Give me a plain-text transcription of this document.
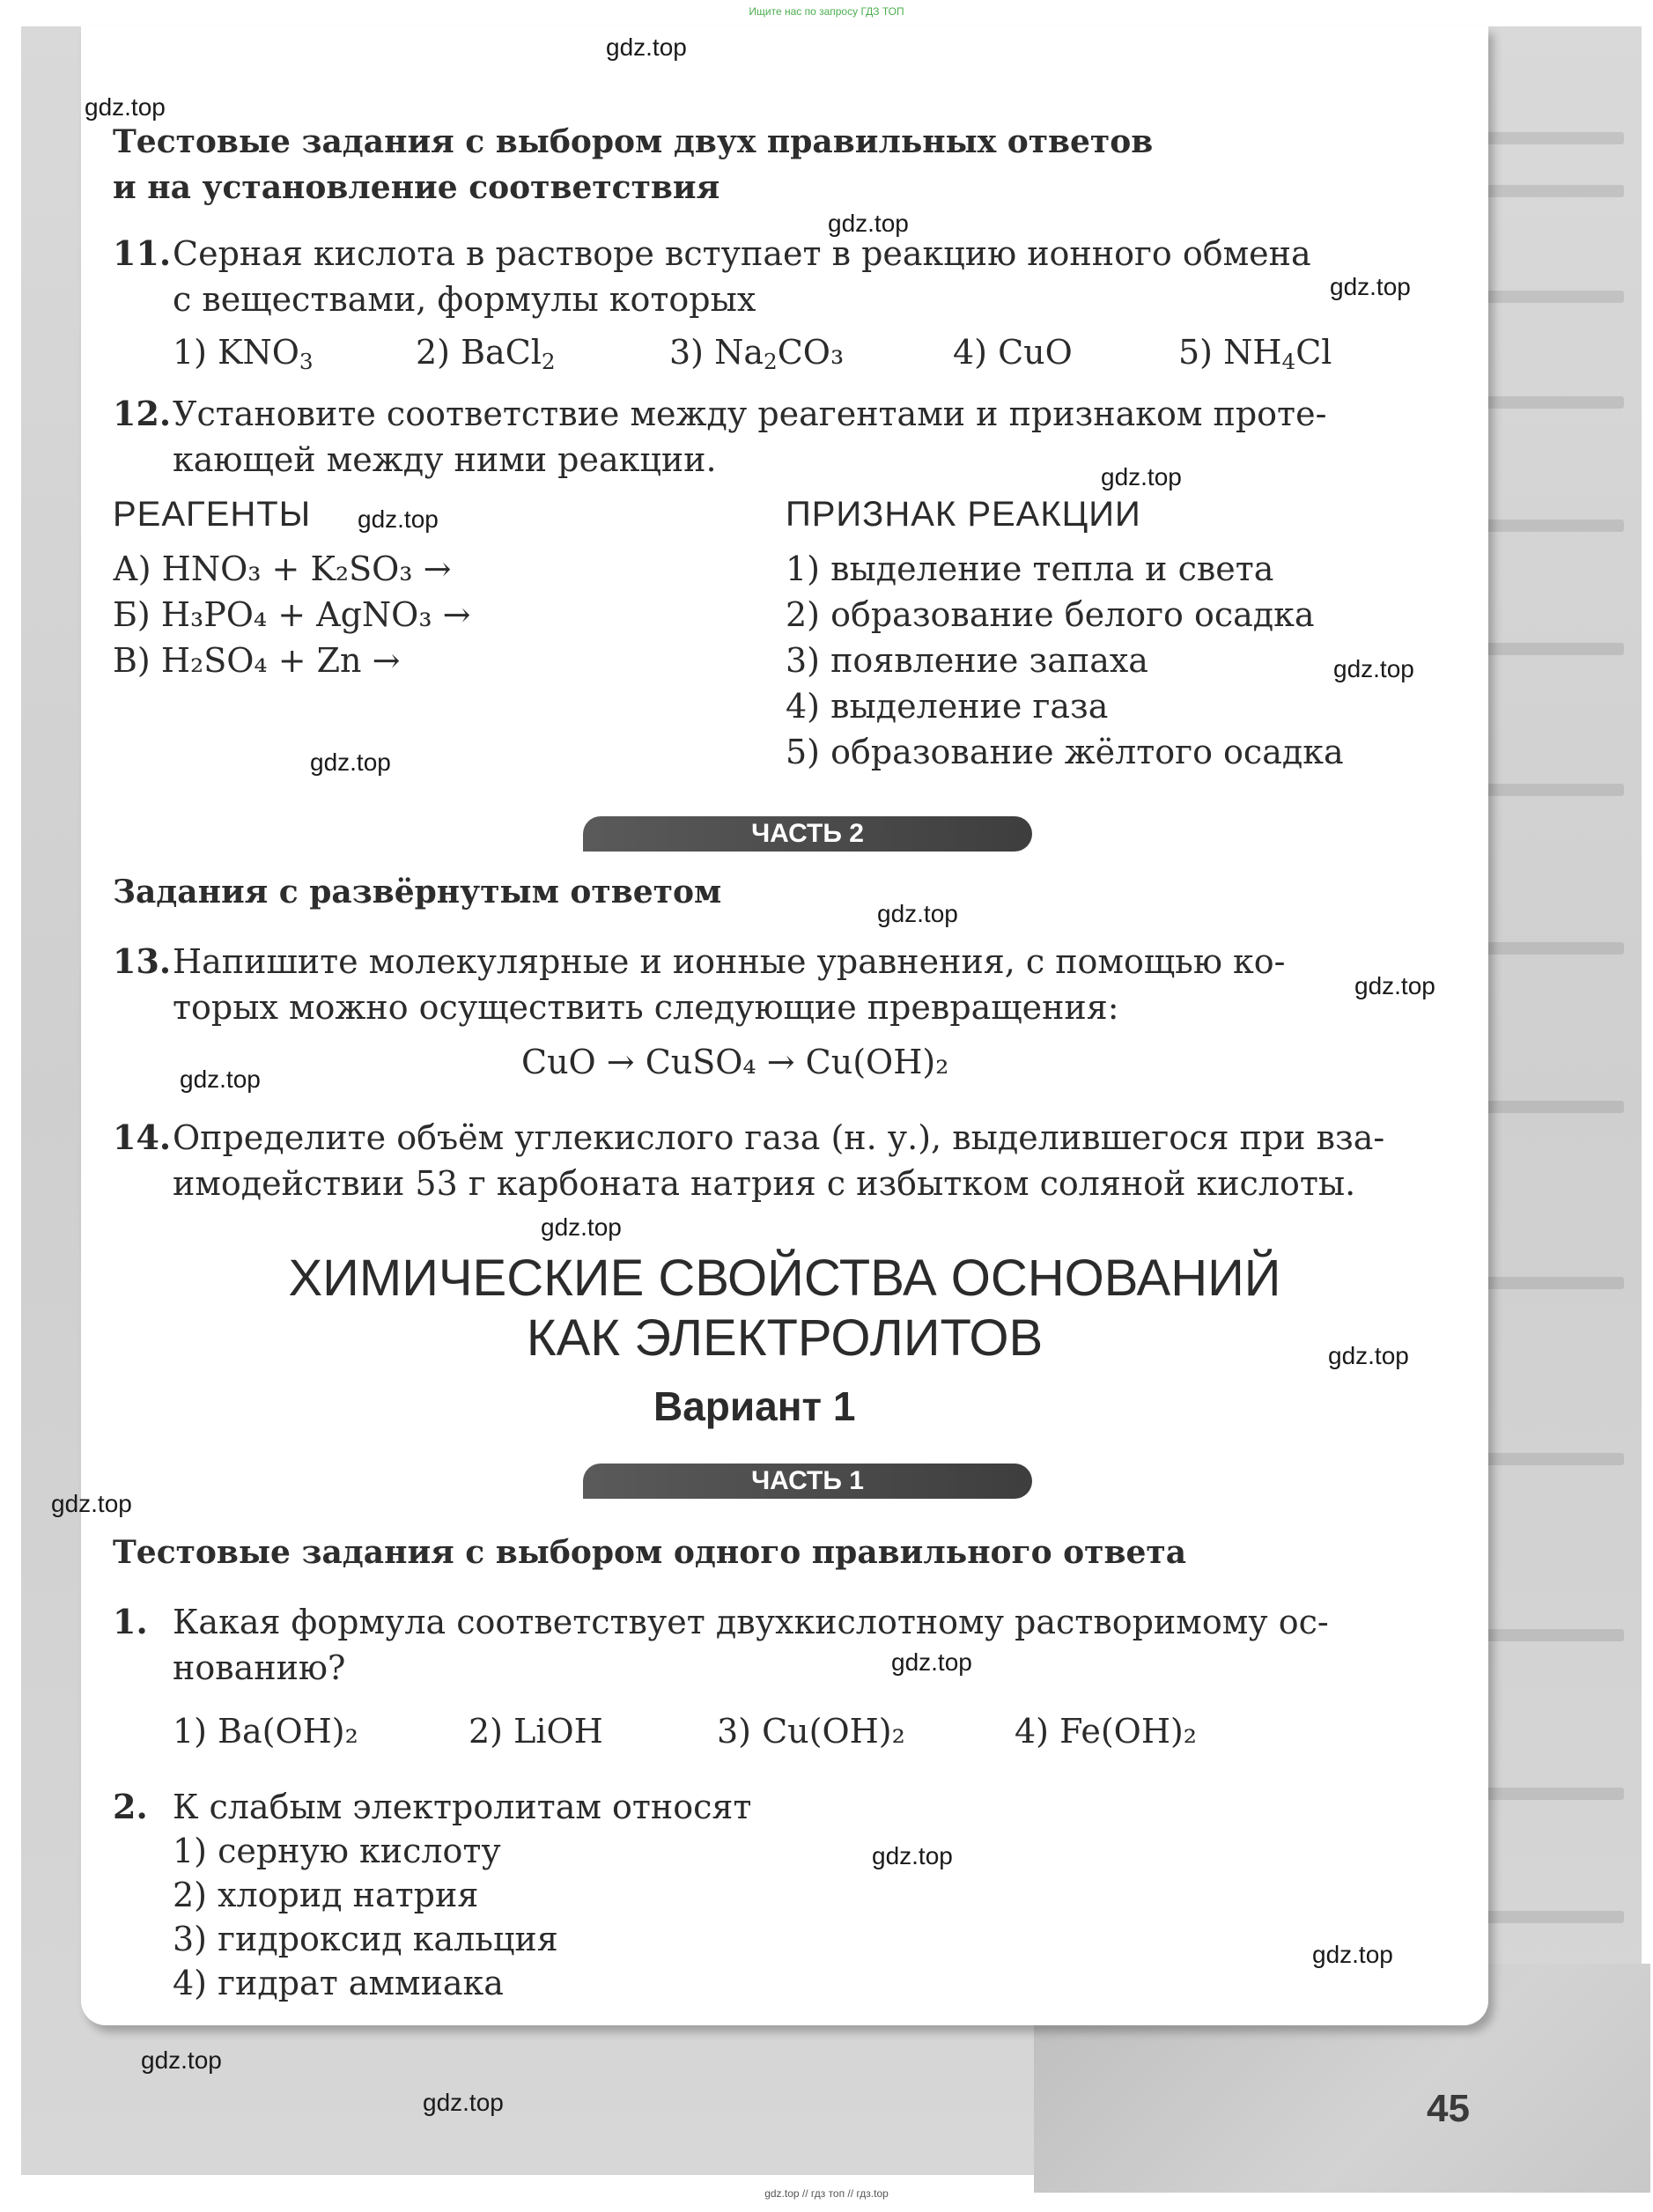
Ищите нас по запросу ГДЗ ТОП
45
Тестовые задания с выбором двух правильных ответов
и на установление соответствия
11. Серная кислота в растворе вступает в реакцию ионного обмена
с веществами, формулы которых
1) $KNO_3$	2) BaCl$_2$	3) $Na_2CO_3$	4) CuO	5) $NH_4Cl$
12. Установите соответствие между реагентами и признаком проте-
кающей между ними реакции.
РЕАГЕНТЫ	ПРИЗНАК РЕАКЦИИ
А) HNO₃ + K₂SO₃ →
Б) H₃PO₄ + AgNO₃ →
В) H₂SO₄ + Zn →
1) выделение тепла и света
2) образование белого осадка
3) появление запаха
4) выделение газа
5) образование жёлтого осадка
ЧАСТЬ 2
Задания с развёрнутым ответом
13. Напишите молекулярные и ионные уравнения, с помощью ко-
торых можно осуществить следующие превращения:
CuO → CuSO₄ → Cu(OH)₂
14. Определите объём углекислого газа (н. у.), выделившегося при вза-
имодействии 53 г карбоната натрия с избытком соляной кислоты.
ХИМИЧЕСКИЕ СВОЙСТВА ОСНОВАНИЙ
КАК ЭЛЕКТРОЛИТОВ
Вариант 1
ЧАСТЬ 1
Тестовые задания с выбором одного правильного ответа
1. Какая формула соответствует двухкислотному растворимому ос-
нованию?
1) Ba(OH)₂	2) LiOH	3) Cu(OH)₂	4) Fe(OH)₂
2. К слабым электролитам относят
1) серную кислоту
2) хлорид натрия
3) гидроксид кальция
4) гидрат аммиака
gdz.top
gdz.top
gdz.top
gdz.top
gdz.top
gdz.top
gdz.top
gdz.top
gdz.top
gdz.top
gdz.top
gdz.top
gdz.top
gdz.top
gdz.top
gdz.top
gdz.top
gdz.top
gdz.top
gdz.top // гдз топ // гдз.top
